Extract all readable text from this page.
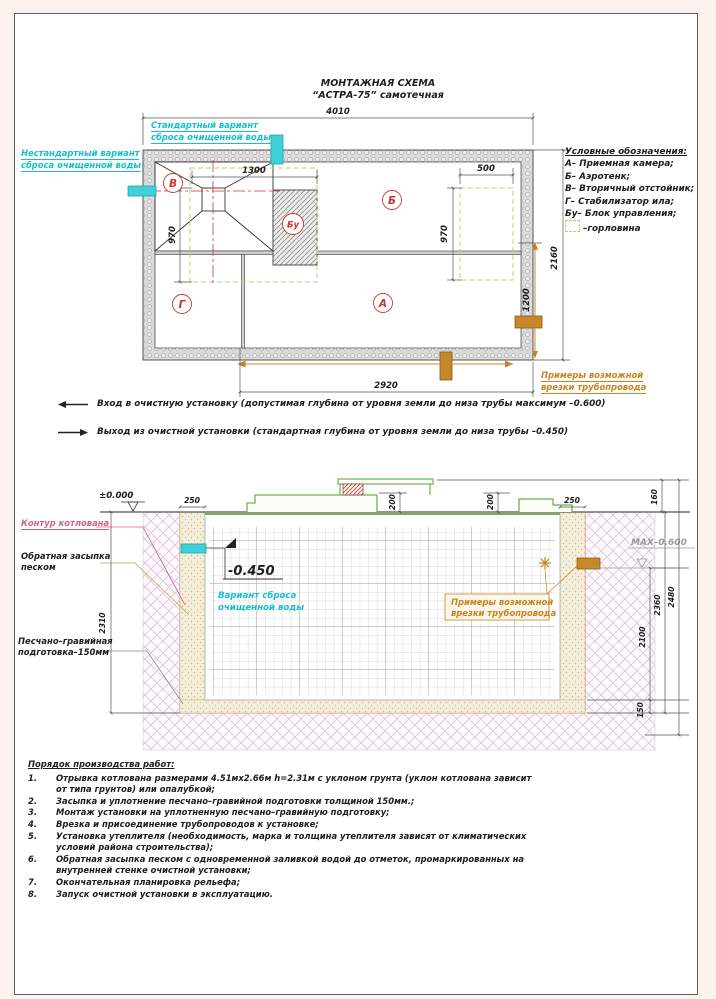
МОНТАЖНАЯ СХЕМА
“АСТРА-75” самотечная
4010
1300	500
970	970
2160
1200
2920
В
Бу
Б
Г	А
Стандартный вариант
сброса очищенной воды
Нестандартный вариант
сброса очищенной воды
Примеры возможной
врезки трубопровода
Условные обозначения:
А– Приемная камера;
Б– Аэротенк;
В– Вторичный отстойник;
Г– Стабилизатор ила;
Бу– Блок управления;
–горловина
Вход в очистную установку (допустимая глубина от уровня земли до низа трубы максимум –0.600)
Выход из очистной установки (стандартная глубина от уровня земли до низа трубы –0.450)
-0.450
Вариант сброса
очищенной воды
Примеры возможной
врезки трубопровода
МАХ–0.600
±0.000
2310
250	250
200	200	160
2100
2360 2480
150
Контур котлована
Обратная засыпка
песком
Песчано–гравийная
подготовка–150мм
Порядок производства работ:
1.	Отрывка котлована размерами 4.51мх2.66м h=2.31м с уклоном грунта (уклон котлована зависит от типа грунтов) или опалубкой;
2.	Засыпка и уплотнение песчано–гравийной подготовки толщиной 150мм.;
3.	Монтаж установки на уплотненную песчано–гравийную подготовку;
4.	Врезка и присоединение трубопроводов к установке;
5.	Установка утеплителя (необходимость, марка и толщина утеплителя зависят от климатических условий района строительства);
6.	Обратная засыпка песком с одновременной заливкой водой до отметок, промаркированных на внутренней стенке очистной установки;
7.	Окончательная планировка рельефа;
8.	Запуск очистной установки в эксплуатацию.
